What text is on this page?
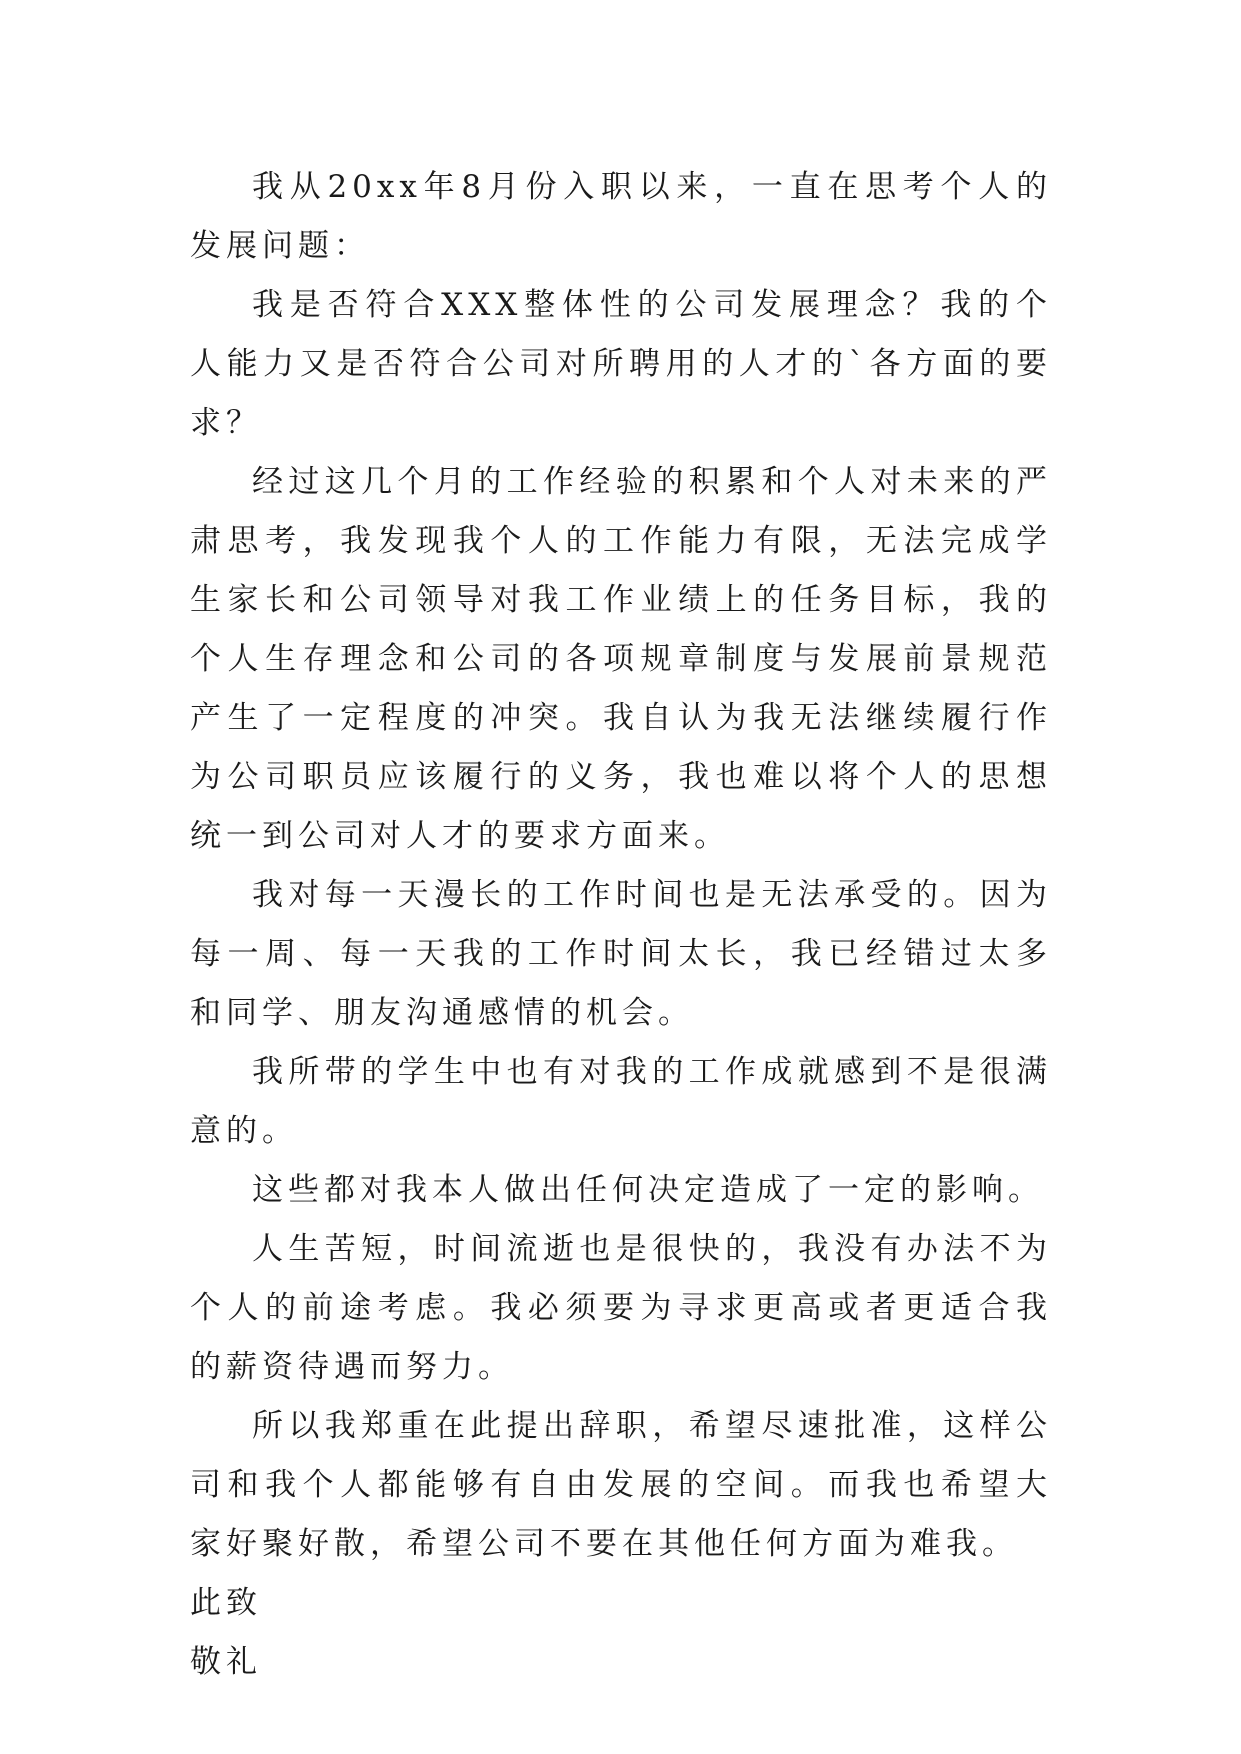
我从20xx年8月份入职以来，一直在思考个人的发展问题：

我是否符合XXX整体性的公司发展理念？我的个人能力又是否符合公司对所聘用的人才的`各方面的要求？

经过这几个月的工作经验的积累和个人对未来的严肃思考，我发现我个人的工作能力有限，无法完成学生家长和公司领导对我工作业绩上的任务目标，我的个人生存理念和公司的各项规章制度与发展前景规范产生了一定程度的冲突。我自认为我无法继续履行作为公司职员应该履行的义务，我也难以将个人的思想统一到公司对人才的要求方面来。

我对每一天漫长的工作时间也是无法承受的。因为每一周、每一天我的工作时间太长，我已经错过太多和同学、朋友沟通感情的机会。

我所带的学生中也有对我的工作成就感到不是很满意的。

这些都对我本人做出任何决定造成了一定的影响。

人生苦短，时间流逝也是很快的，我没有办法不为个人的前途考虑。我必须要为寻求更高或者更适合我的薪资待遇而努力。

所以我郑重在此提出辞职，希望尽速批准，这样公司和我个人都能够有自由发展的空间。而我也希望大家好聚好散，希望公司不要在其他任何方面为难我。

此致

敬礼
